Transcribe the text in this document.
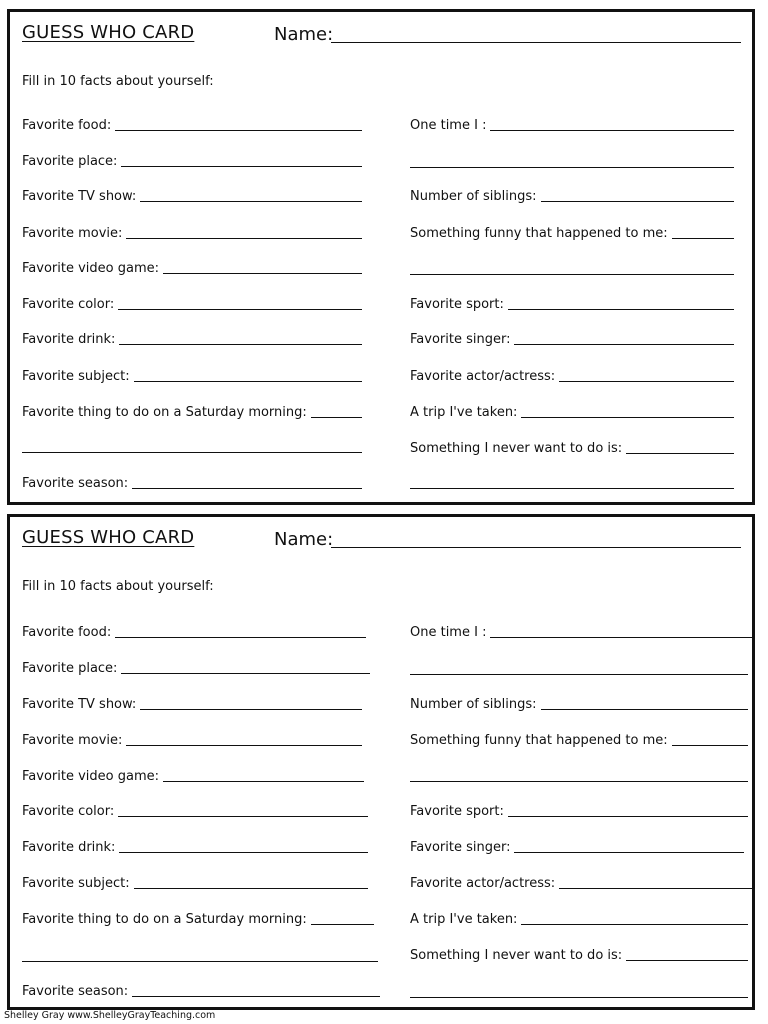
GUESS WHO CARD	Name:
Fill in 10 facts about yourself:
Favorite food:
Favorite place:
Favorite TV show:
Favorite movie:
Favorite video game:
Favorite color:
Favorite drink:
Favorite subject:
Favorite thing to do on a Saturday morning:
Favorite season:
One time I :
Number of siblings:
Something funny that happened to me:
Favorite sport:
Favorite singer:
Favorite actor/actress:
A trip I've taken:
Something I never want to do is:
GUESS WHO CARD	Name:
Fill in 10 facts about yourself:
Favorite food:
Favorite place:
Favorite TV show:
Favorite movie:
Favorite video game:
Favorite color:
Favorite drink:
Favorite subject:
Favorite thing to do on a Saturday morning:
Favorite season:
One time I :
Number of siblings:
Something funny that happened to me:
Favorite sport:
Favorite singer:
Favorite actor/actress:
A trip I've taken:
Something I never want to do is:
Shelley Gray www.ShelleyGrayTeaching.com
